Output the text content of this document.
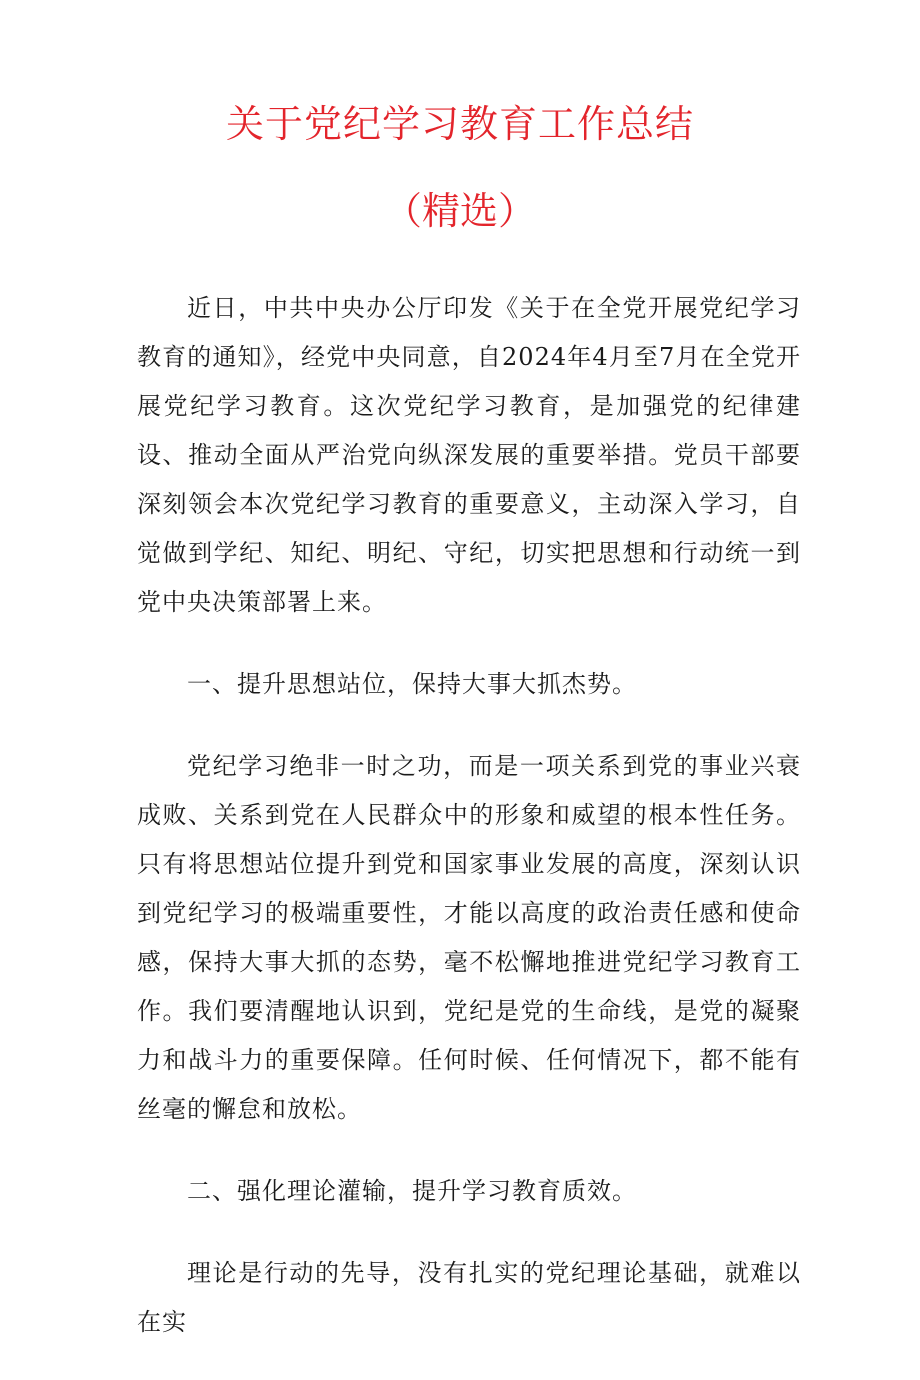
关于党纪学习教育工作总结
（精选）

近日，中共中央办公厅印发《关于在全党开展党纪学习教育的通知》，经党中央同意，自2024年4月至7月在全党开展党纪学习教育。这次党纪学习教育，是加强党的纪律建设、推动全面从严治党向纵深发展的重要举措。党员干部要深刻领会本次党纪学习教育的重要意义，主动深入学习，自觉做到学纪、知纪、明纪、守纪，切实把思想和行动统一到党中央决策部署上来。

一、提升思想站位，保持大事大抓杰势。

党纪学习绝非一时之功，而是一项关系到党的事业兴衰成败、关系到党在人民群众中的形象和威望的根本性任务。只有将思想站位提升到党和国家事业发展的高度，深刻认识到党纪学习的极端重要性，才能以高度的政治责任感和使命感，保持大事大抓的态势，毫不松懈地推进党纪学习教育工作。我们要清醒地认识到，党纪是党的生命线，是党的凝聚力和战斗力的重要保障。任何时候、任何情况下，都不能有丝毫的懈怠和放松。

二、强化理论灌输，提升学习教育质效。

理论是行动的先导，没有扎实的党纪理论基础，就难以在实
